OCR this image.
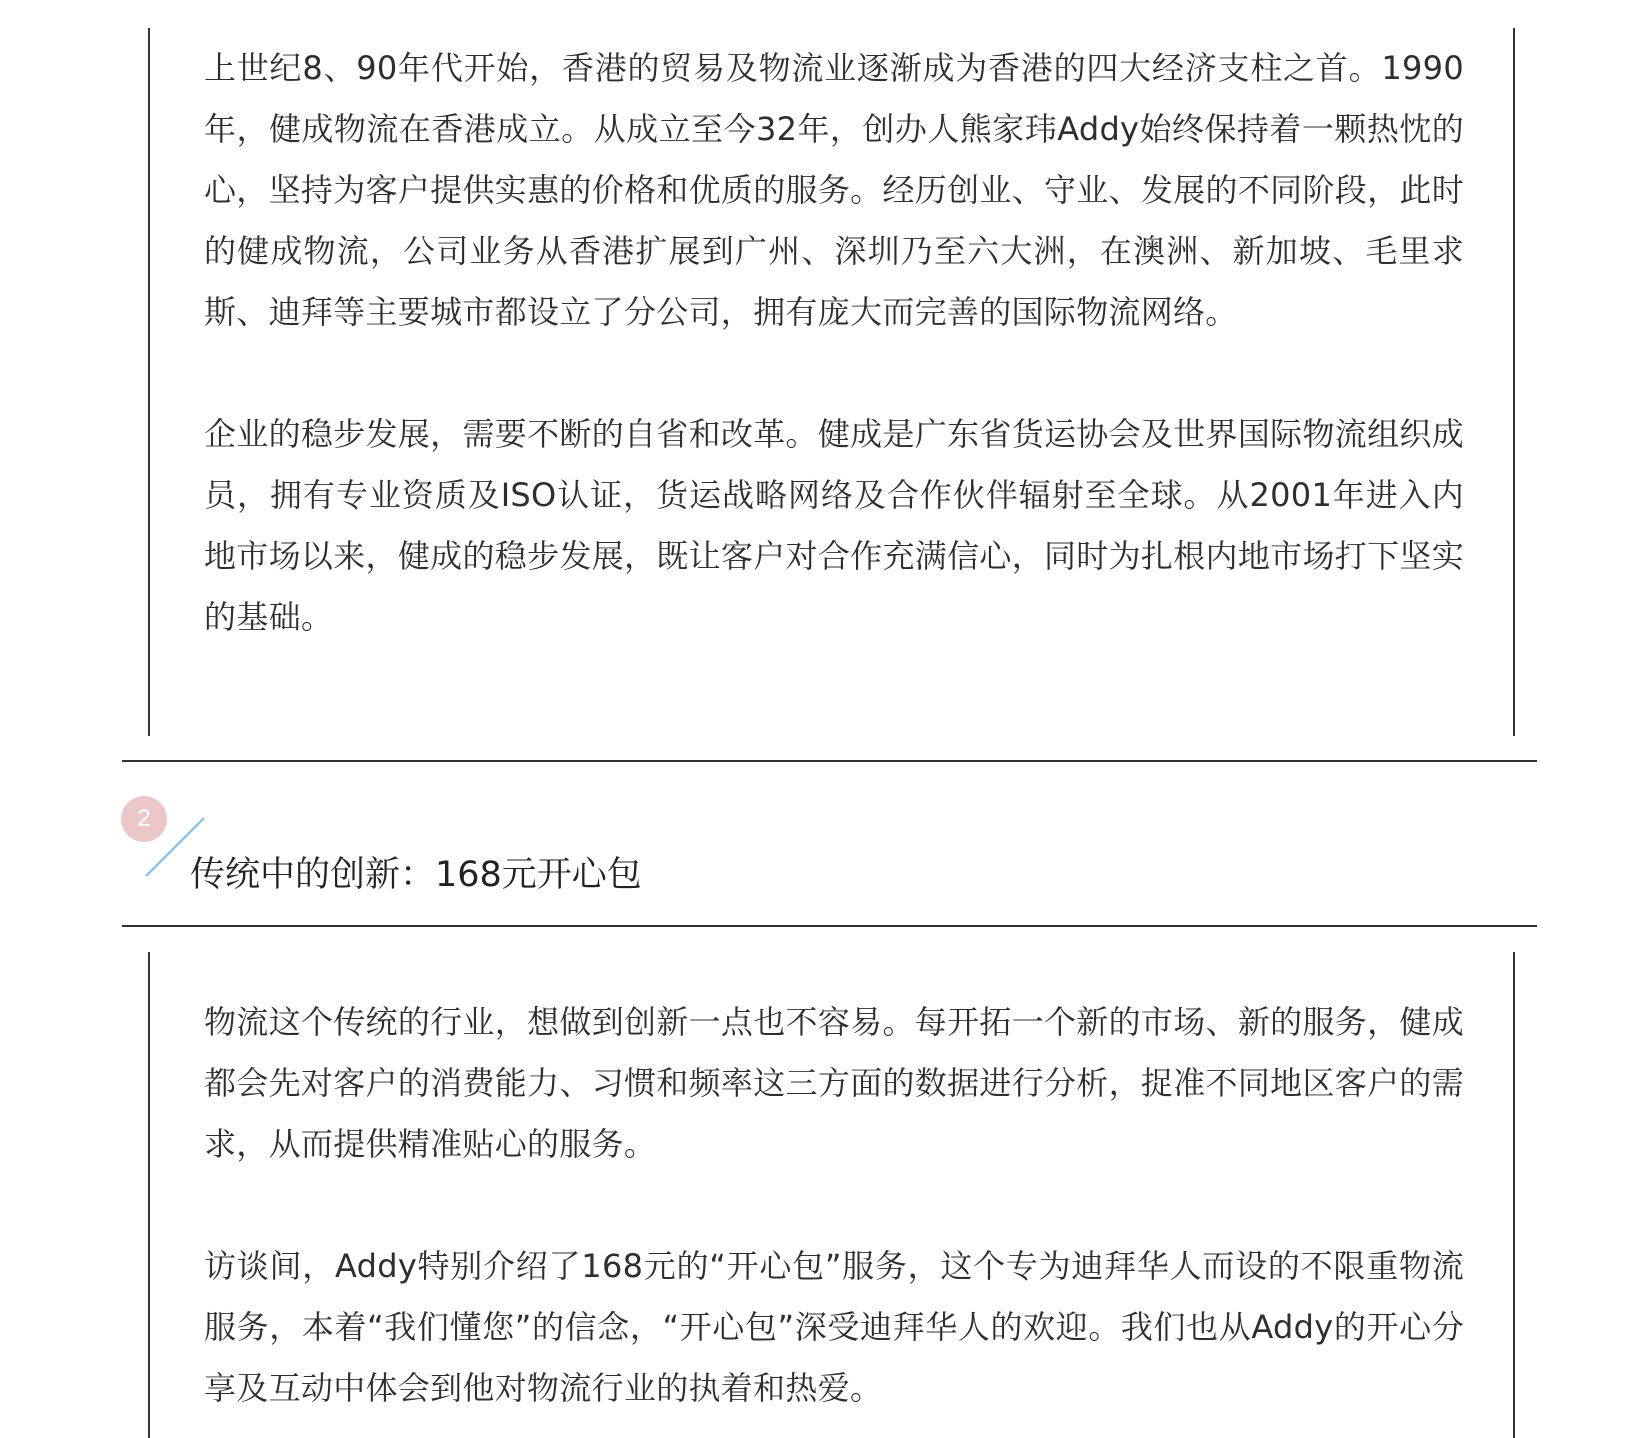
上世纪8、90年代开始，香港的贸易及物流业逐渐成为香港的四大经济支柱之首。1990年，健成物流在香港成立。从成立至今32年，创办人熊家玮Addy始终保持着一颗热忱的心，坚持为客户提供实惠的价格和优质的服务。经历创业、守业、发展的不同阶段，此时的健成物流，公司业务从香港扩展到广州、深圳乃至六大洲，在澳洲、新加坡、毛里求斯、迪拜等主要城市都设立了分公司，拥有庞大而完善的国际物流网络。

企业的稳步发展，需要不断的自省和改革。健成是广东省货运协会及世界国际物流组织成员，拥有专业资质及ISO认证，货运战略网络及合作伙伴辐射至全球。从2001年进入内地市场以来，健成的稳步发展，既让客户对合作充满信心，同时为扎根内地市场打下坚实的基础。

2
传统中的创新：168元开心包

物流这个传统的行业，想做到创新一点也不容易。每开拓一个新的市场、新的服务，健成都会先对客户的消费能力、习惯和频率这三方面的数据进行分析，捉准不同地区客户的需求，从而提供精准贴心的服务。

访谈间，Addy特别介绍了168元的“开心包”服务，这个专为迪拜华人而设的不限重物流服务，本着“我们懂您”的信念，“开心包”深受迪拜华人的欢迎。我们也从Addy的开心分享及互动中体会到他对物流行业的执着和热爱。
